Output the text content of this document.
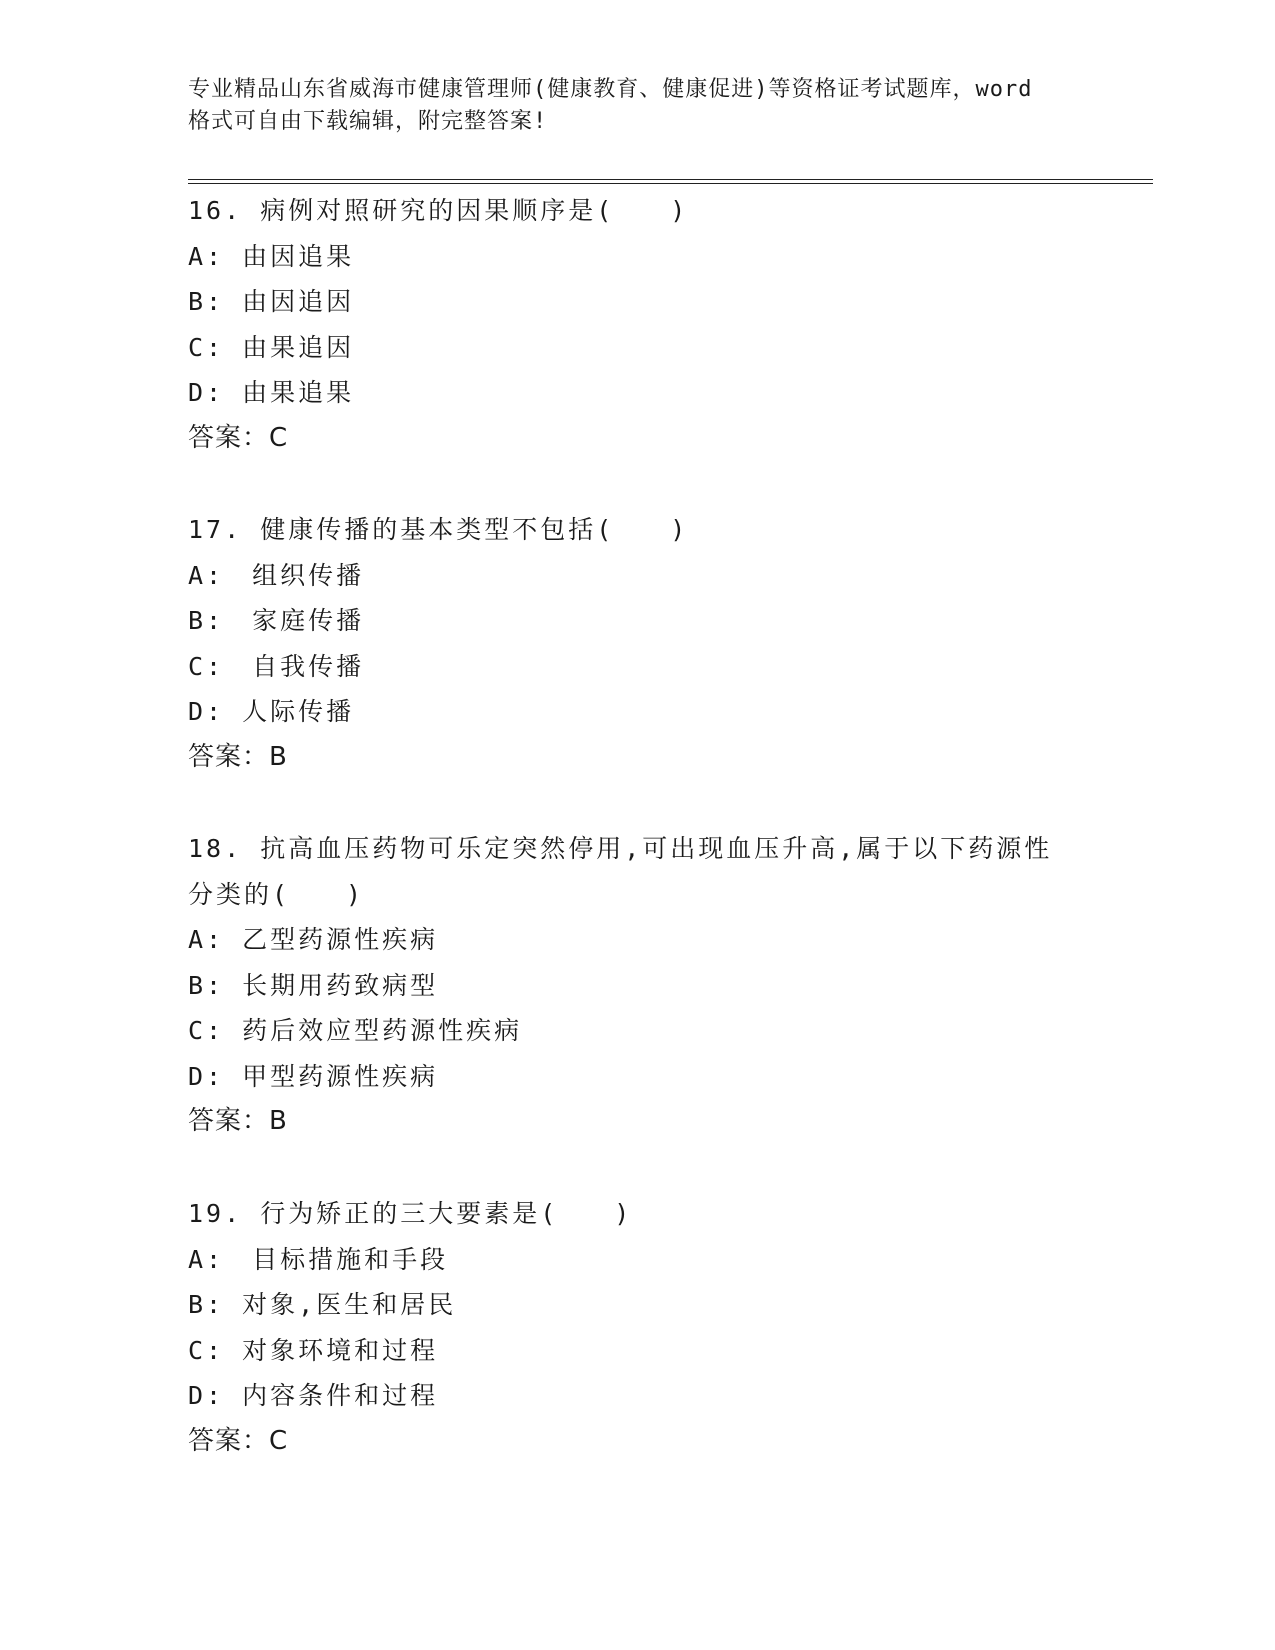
专业精品山东省威海市健康管理师(健康教育、健康促进)等资格证考试题库，word
格式可自由下载编辑，附完整答案!
16. 病例对照研究的因果顺序是(　　)
A: 由因追果
B: 由因追因
C: 由果追因
D: 由果追果
答案：C
17. 健康传播的基本类型不包括(　　)
A:　组织传播
B:　家庭传播
C:　自我传播
D: 人际传播
答案：B
18. 抗高血压药物可乐定突然停用,可出现血压升高,属于以下药源性
分类的(　　)
A: 乙型药源性疾病
B: 长期用药致病型
C: 药后效应型药源性疾病
D: 甲型药源性疾病
答案：B
19. 行为矫正的三大要素是(　　)
A:　目标措施和手段
B: 对象,医生和居民
C: 对象环境和过程
D: 内容条件和过程
答案：C
